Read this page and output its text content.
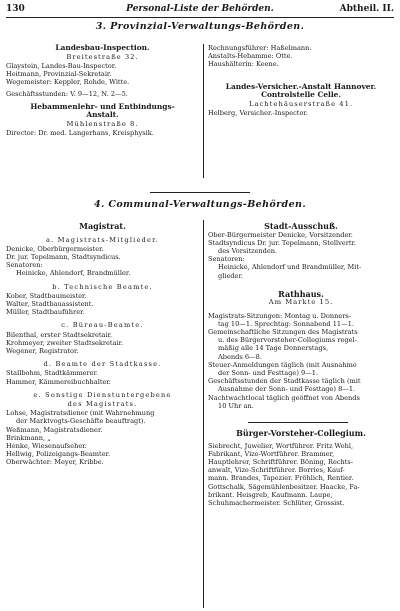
130	Personal-Liste der Behörden.	Abtheil. II.
3. Provinzial-Verwaltungs-Behörden.
Landesbau-Inspection.
Breitestraße 32.
Glaystein, Landes-Bau-Inspector.
Heitmann, Provinzial-Sekretair.
Wegemeister: Keppler, Rohde, Witte.
Geschäftsstunden: V. 9—12, N. 2—5.
Hebammenlehr- und Entbindungs-
Anstalt.
Mühlenstraße 8.
Director: Dr. med. Langerhans, Kreisphysik.
Rechnungsführer: Haßelmann.
Anstalts-Hebamme: Otte.
Haushälterin: Keene.
Landes-Versicher.-Anstalt Hannover.
Controlstelle Celle.
Lachtehäuserstraße 41.
Helberg, Versicher.-Inspector.
4. Communal-Verwaltungs-Behörden.
Magistrat.
a. Magistrats-Mitglieder.
Denicke, Oberbürgermeister.
Dr. jur. Tepelmann, Stadtsyndicus.
Senatoren:
Heinicke, Ahlendorf, Brandmüller.
b. Technische Beamte.
Kober, Stadtbaumeister.
Walter, Stadtbauassistent.
Müller, Stadtbauführer.
c. Büreau-Beamte.
Bilenthal, erster Stadtsekretair.
Krohmeyer, zweiter Stadtsekretair.
Wegener, Registrator.
d. Beamte der Stadtkasse.
Stallbohm, Stadtkämmerer.
Hammer, Kämmereibuchhalter.
e. Sonstige Dienstuntergebene
des Magistrats.
Lohse, Magistratsdiener (mit Wahrnehmung
der Marktvogts-Geschäfte beauftragt).
Weßmann, Magistratsdiener.
Brinkmann, „
Henke, Wiesenaufseher.
Hellwig, Polizeigangs-Beamter.
Oberwächter: Meyer, Kribbe.
Stadt-Ausschuß.
Ober-Bürgermeister Denicke, Vorsitzender.
Stadtsyndicus Dr. jur. Tepelmann, Stellvertr.
des Vorsitzenden.
Senatoren:
Heinicke, Ahlendorf und Brandmüller, Mit-
glieder.
Rathhaus.
Am Markte 15.
Magistrats-Sitzungen: Montag u. Donners-
tag 10—1. Sprechtag: Sonnabend 11—1.
Gemeinschaftliche Sitzungen des Magistrats
u. des Bürgervorsteher-Collegiums regel-
mäßig alle 14 Tage Donnerstags,
Abends 6—8.
Steuer-Anmeldungen täglich (mit Ausnahme
der Sonn- und Festtage) 9—1.
Geschäftsstunden der Stadtkasse täglich (mit
Ausnahme der Sonn- und Festtage) 8—1.
Nachtwachtlocal täglich geöffnet von Abends
10 Uhr an.
Bürger-Vorsteher-Collegium.
Siebrecht, Juwelier, Wortführer. Fritz Wehl,
Fabrikant, Vize-Wortführer. Brammer,
Hauptlehrer, Schriftführer. Böning, Rechts-
anwalt, Vize-Schriftführer. Borries, Kauf-
mann. Brandes, Tapezier. Fröhlich, Rentier.
Gottschalk, Sägemühlenbesitzer. Haacke, Fa-
brikant. Heisgreb, Kaufmann. Laupe,
Schuhmachermeister. Schlüter, Grossist.
